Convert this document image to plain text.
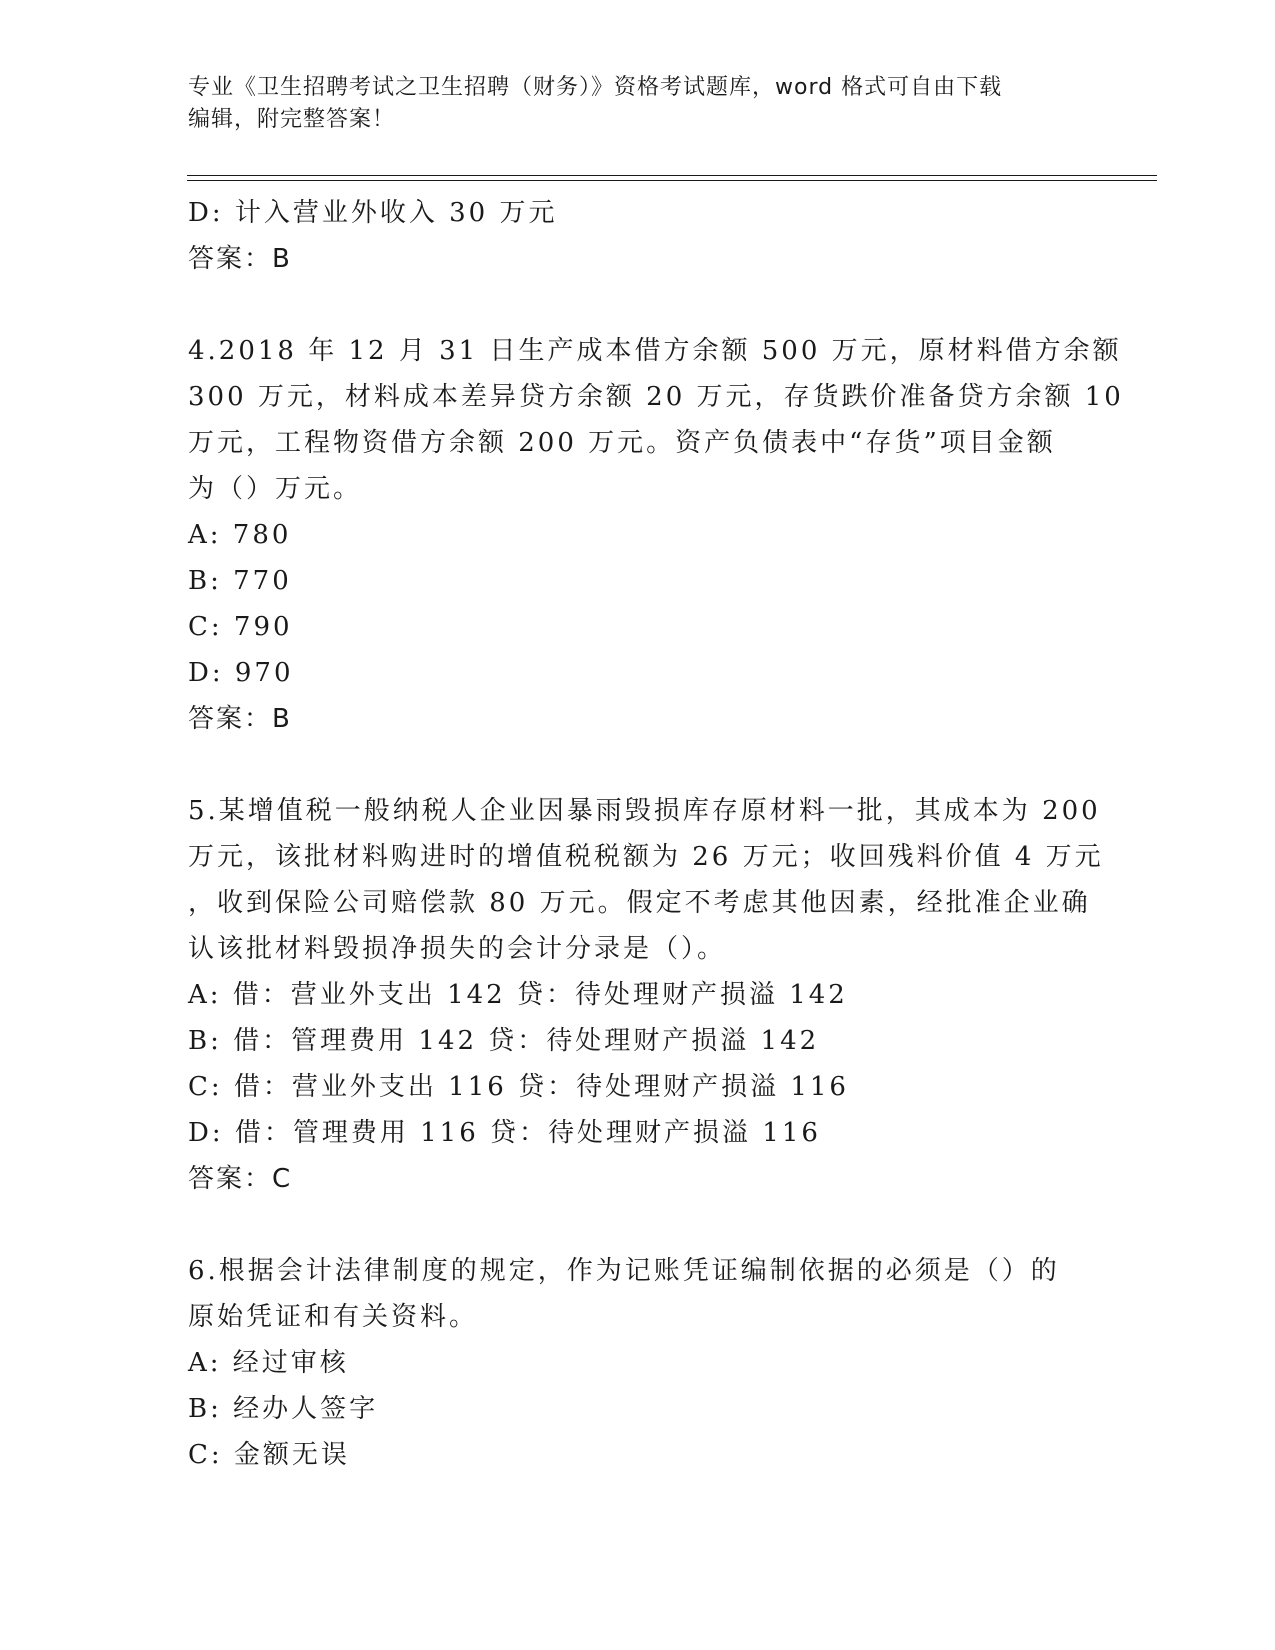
专业《卫生招聘考试之卫生招聘（财务）》资格考试题库，word 格式可自由下载
编辑，附完整答案！
D: 计入营业外收入 30 万元
答案：B
4.2018 年 12 月 31 日生产成本借方余额 500 万元，原材料借方余额
300 万元，材料成本差异贷方余额 20 万元，存货跌价准备贷方余额 10
万元，工程物资借方余额 200 万元。资产负债表中“存货”项目金额
为（）万元。
A: 780
B: 770
C: 790
D: 970
答案：B
5.某增值税一般纳税人企业因暴雨毁损库存原材料一批，其成本为 200
万元，该批材料购进时的增值税税额为 26 万元；收回残料价值 4 万元
，收到保险公司赔偿款 80 万元。假定不考虑其他因素，经批准企业确
认该批材料毁损净损失的会计分录是（）。
A: 借：营业外支出 142 贷：待处理财产损溢 142
B: 借：管理费用 142 贷：待处理财产损溢 142
C: 借：营业外支出 116 贷：待处理财产损溢 116
D: 借：管理费用 116 贷：待处理财产损溢 116
答案：C
6.根据会计法律制度的规定，作为记账凭证编制依据的必须是（）的
原始凭证和有关资料。
A: 经过审核
B: 经办人签字
C: 金额无误
